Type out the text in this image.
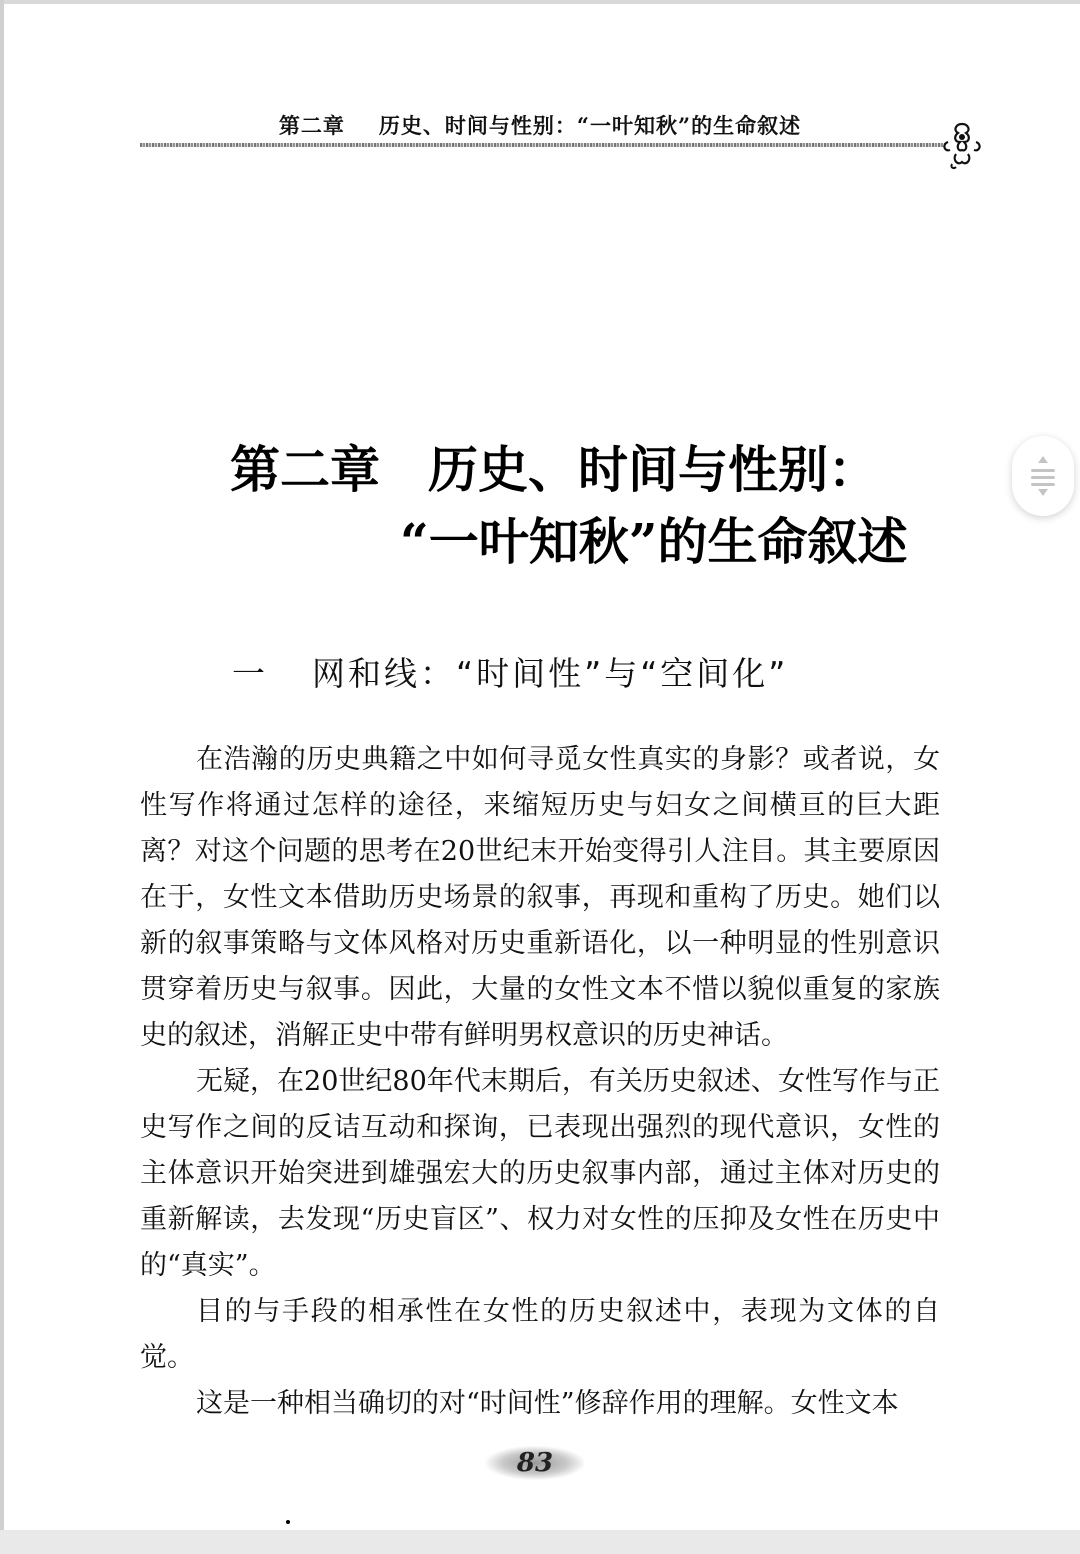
第二章 历史、时间与性别：“一叶知秋”的生命叙述
第二章 历史、时间与性别：
“一叶知秋”的生命叙述
一 网和线：“时间性”与“空间化”

在浩瀚的历史典籍之中如何寻觅女性真实的身影？或者说，女性写作将通过怎样的途径，来缩短历史与妇女之间横亘的巨大距离？对这个问题的思考在20世纪末开始变得引人注目。其主要原因在于，女性文本借助历史场景的叙事，再现和重构了历史。她们以新的叙事策略与文体风格对历史重新语化，以一种明显的性别意识贯穿着历史与叙事。因此，大量的女性文本不惜以貌似重复的家族史的叙述，消解正史中带有鲜明男权意识的历史神话。

无疑，在20世纪80年代末期后，有关历史叙述、女性写作与正史写作之间的反诘互动和探询，已表现出强烈的现代意识，女性的主体意识开始突进到雄强宏大的历史叙事内部，通过主体对历史的重新解读，去发现“历史盲区”、权力对女性的压抑及女性在历史中的“真实”。

目的与手段的相承性在女性的历史叙述中，表现为文体的自觉。

这是一种相当确切的对“时间性”修辞作用的理解。女性文本

83
